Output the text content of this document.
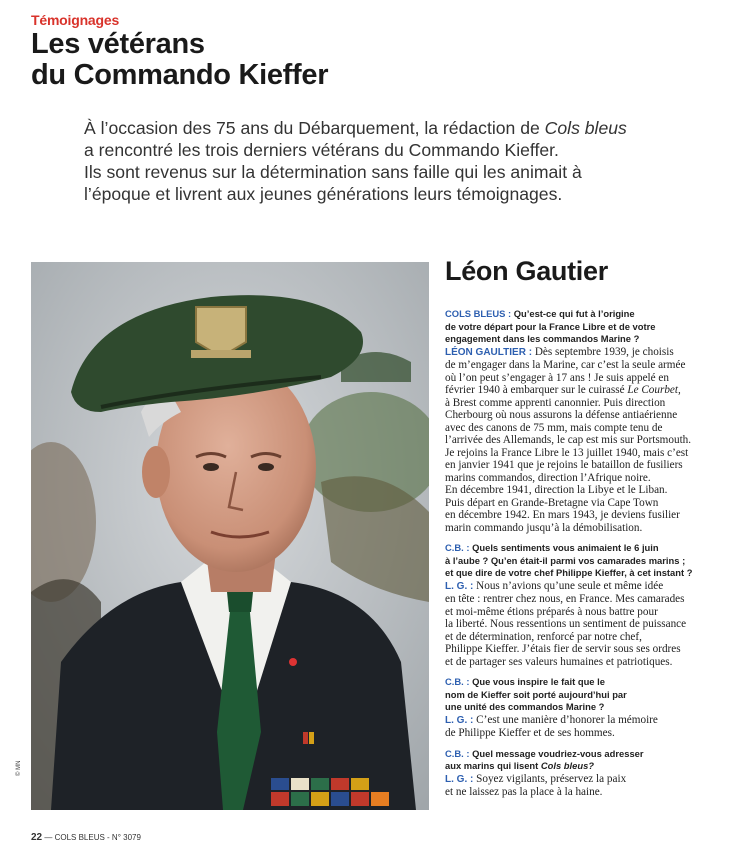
Témoignages
Les vétérans
du Commando Kieffer
À l’occasion des 75 ans du Débarquement, la rédaction de Cols bleus
a rencontré les trois derniers vétérans du Commando Kieffer.
Ils sont revenus sur la détermination sans faille qui les animait à
l’époque et livrent aux jeunes générations leurs témoignages.
© MN
Léon Gautier
COLS BLEUS : Qu’est-ce qui fut à l’origine
de votre départ pour la France Libre et de votre
engagement dans les commandos Marine ?
LÉON GAULTIER : Dès septembre 1939, je choisis
de m’engager dans la Marine, car c’est la seule armée
où l’on peut s’engager à 17 ans ! Je suis appelé en
février 1940 à embarquer sur le cuirassé Le Courbet,
à Brest comme apprenti canonnier. Puis direction
Cherbourg où nous assurons la défense antiaérienne
avec des canons de 75 mm, mais compte tenu de
l’arrivée des Allemands, le cap est mis sur Portsmouth.
Je rejoins la France Libre le 13 juillet 1940, mais c’est
en janvier 1941 que je rejoins le bataillon de fusiliers
marins commandos, direction l’Afrique noire.
En décembre 1941, direction la Libye et le Liban.
Puis départ en Grande-Bretagne via Cape Town
en décembre 1942. En mars 1943, je deviens fusilier
marin commando jusqu’à la démobilisation.
C.B. : Quels sentiments vous animaient le 6 juin
à l’aube ? Qu’en était-il parmi vos camarades marins ;
et que dire de votre chef Philippe Kieffer, à cet instant ?
L. G. : Nous n’avions qu’une seule et même idée
en tête : rentrer chez nous, en France. Mes camarades
et moi-même étions préparés à nous battre pour
la liberté. Nous ressentions un sentiment de puissance
et de détermination, renforcé par notre chef,
Philippe Kieffer. J’étais fier de servir sous ses ordres
et de partager ses valeurs humaines et patriotiques.
C.B. : Que vous inspire le fait que le
nom de Kieffer soit porté aujourd’hui par
une unité des commandos Marine ?
L. G. : C’est une manière d’honorer la mémoire
de Philippe Kieffer et de ses hommes.
C.B. : Quel message voudriez-vous adresser
aux marins qui lisent Cols bleus?
L. G. : Soyez vigilants, préservez la paix
et ne laissez pas la place à la haine.
22 — COLS BLEUS - N° 3079
